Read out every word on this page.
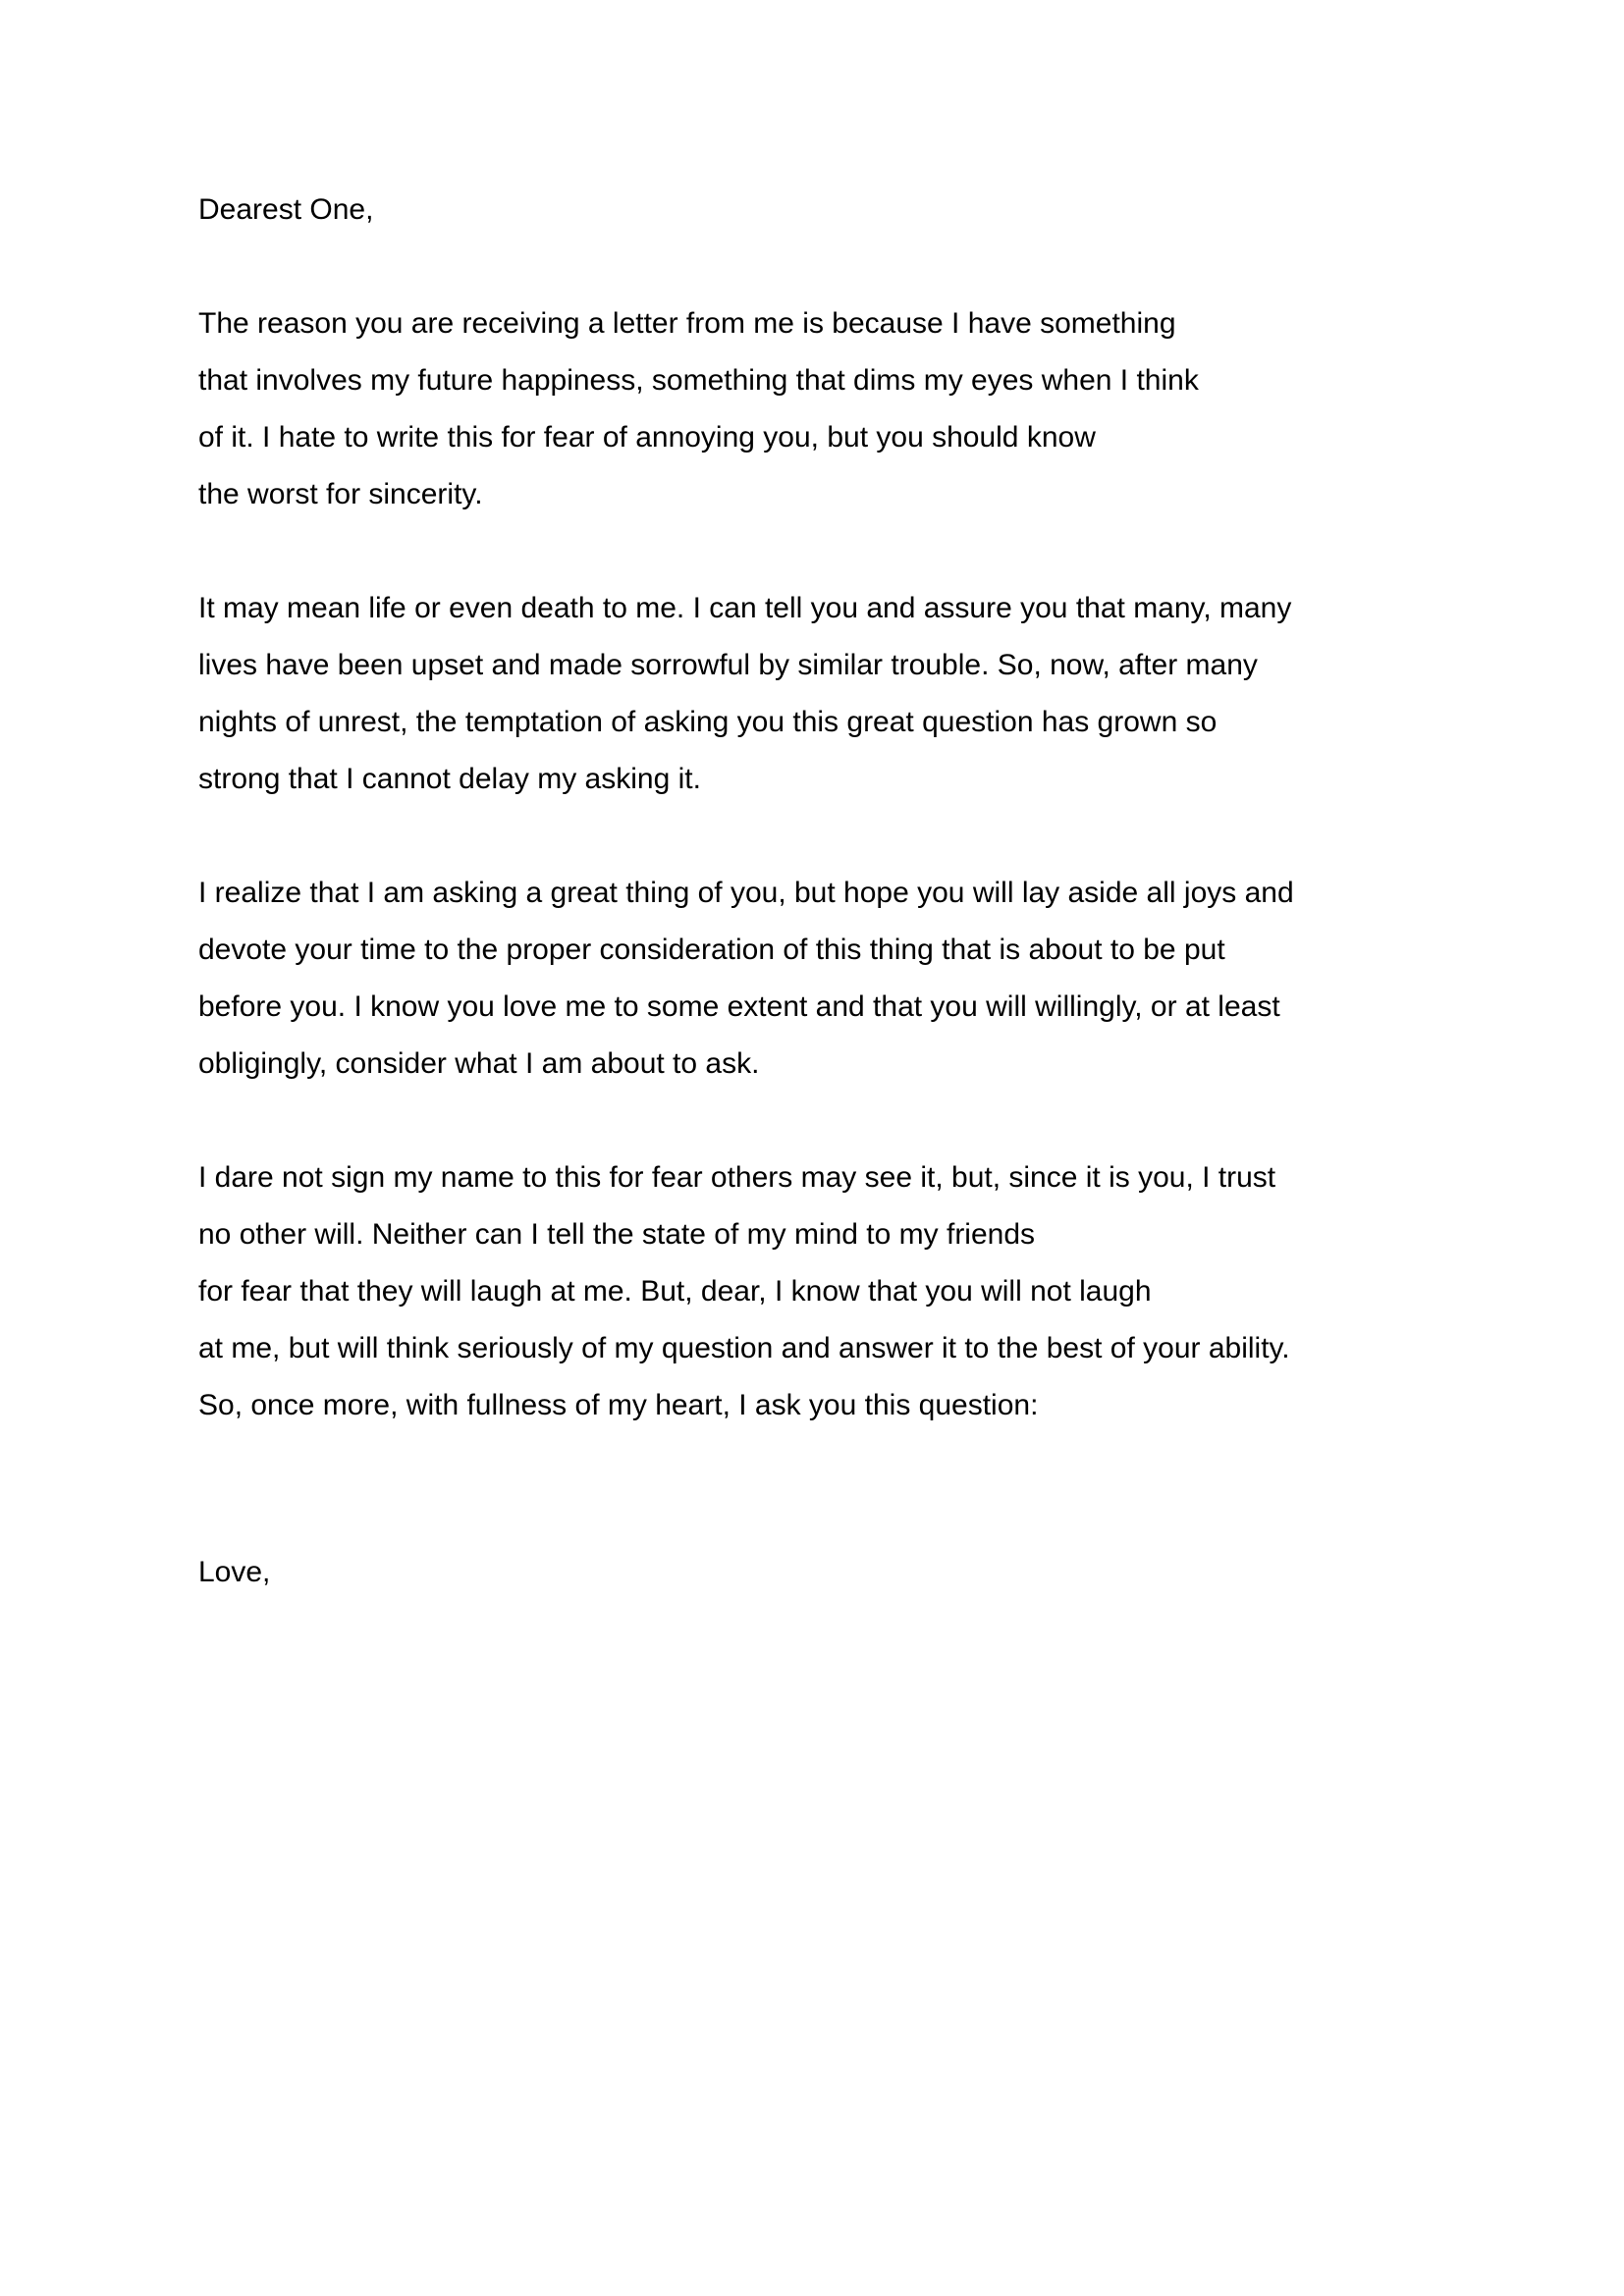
Dearest One,
The reason you are receiving a letter from me is because I have something
that involves my future happiness, something that dims my eyes when I think
of it. I hate to write this for fear of annoying you, but you should know
the worst for sincerity.
It may mean life or even death to me. I can tell you and assure you that many, many
lives have been upset and made sorrowful by similar trouble. So, now, after many
nights of unrest, the temptation of asking you this great question has grown so
strong that I cannot delay my asking it.
I realize that I am asking a great thing of you, but hope you will lay aside all joys and
devote your time to the proper consideration of this thing that is about to be put
before you. I know you love me to some extent and that you will willingly, or at least
obligingly, consider what I am about to ask.
I dare not sign my name to this for fear others may see it, but, since it is you, I trust
no other will. Neither can I tell the state of my mind to my friends
for fear that they will laugh at me. But, dear, I know that you will not laugh
at me, but will think seriously of my question and answer it to the best of your ability.
So, once more, with fullness of my heart, I ask you this question:
Love,
